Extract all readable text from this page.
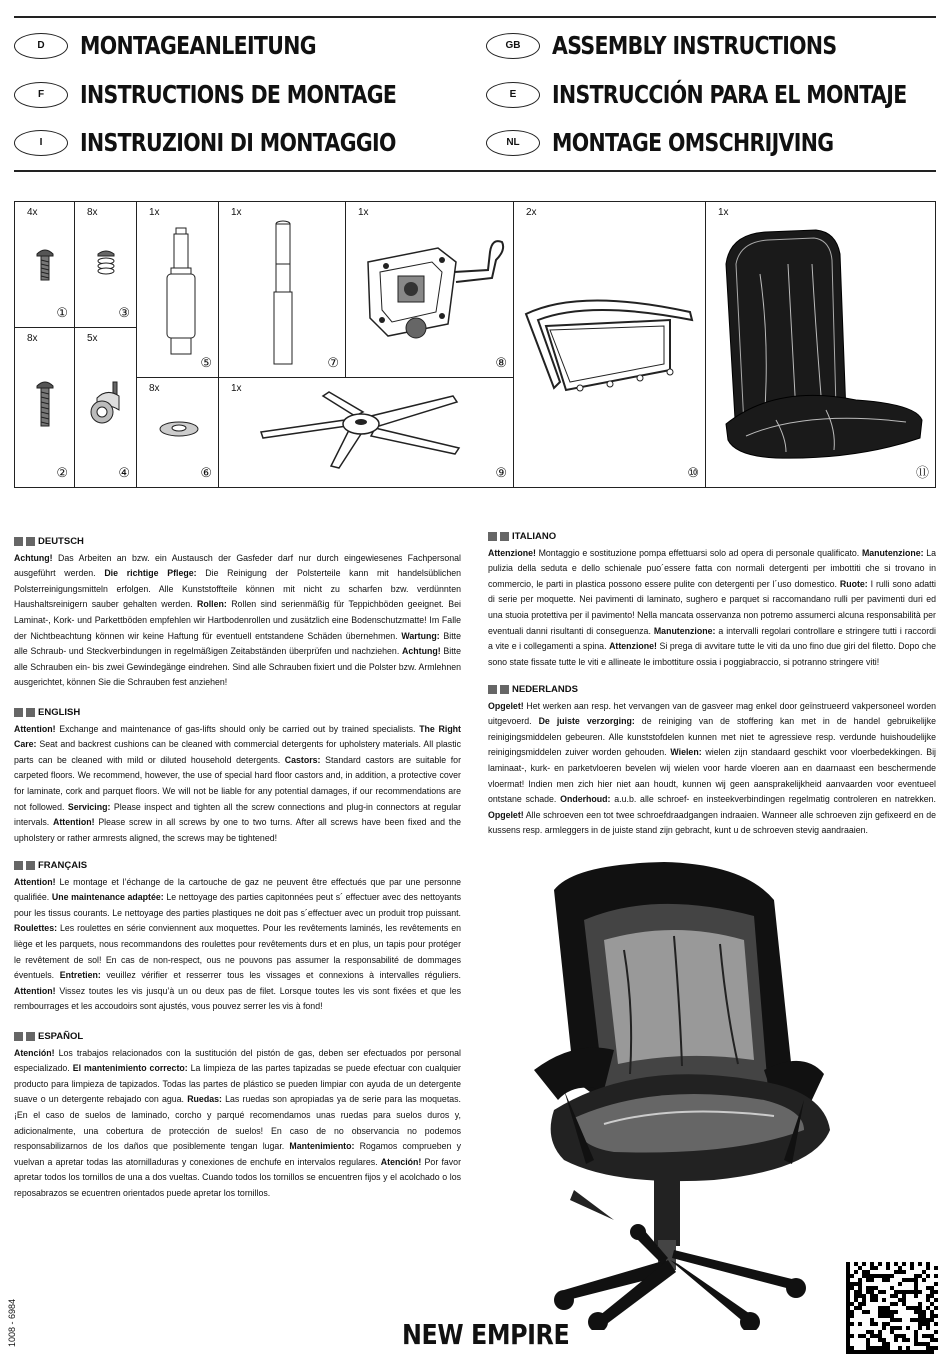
D	MONTAGEANLEITUNG
F	INSTRUCTIONS DE MONTAGE
I	INSTRUZIONI DI MONTAGGIO
GB	ASSEMBLY INSTRUCTIONS
E	INSTRUCCIÓN PARA EL MONTAJE
NL	MONTAGE OMSCHRIJVING
4x
①
8x
③
8x
②
5x
④
1x
⑤
8x
⑥
1x
⑦
1x
⑧
1x
⑨
2x
⑩
1x
⑪
DEUTSCH

Achtung! Das Arbeiten an bzw. ein Austausch der Gasfeder darf nur durch eingewiesenes Fachpersonal ausgeführt werden. Die richtige Pflege: Die Reinigung der Polsterteile kann mit handelsüblichen Polsterreinigungsmitteln erfolgen. Alle Kunststoffteile können mit nicht zu scharfen bzw. verdünnten Haushaltsreinigern sauber gehalten werden. Rollen: Rollen sind serienmäßig für Teppichböden geeignet. Bei Laminat-, Kork- und Parkettböden empfehlen wir Hartbodenrollen und zusätzlich eine Bodenschutzmatte! Im Falle der Nichtbeachtung können wir keine Haftung für eventuell entstandene Schäden übernehmen. Wartung: Bitte alle Schraub- und Steckverbindungen in regelmäßigen Zeitabständen überprüfen und nachziehen. Achtung! Bitte alle Schrauben ein- bis zwei Gewindegänge eindrehen. Sind alle Schrauben fixiert und die Polster bzw. Armlehnen ausgerichtet, können Sie die Schrauben fest anziehen!

ENGLISH

Attention! Exchange and maintenance of gas-lifts should only be carried out by trained specialists. The Right Care: Seat and backrest cushions can be cleaned with commercial detergents for upholstery materials. All plastic parts can be cleaned with mild or diluted household detergents. Castors: Standard castors are suitable for carpeted floors. We recommend, however, the use of special hard floor castors and, in addition, a protective cover for laminate, cork and parquet floors. We will not be liable for any potential damages, if our recommendations are not followed. Servicing: Please inspect and tighten all the screw connections and plug-in connectors at regular intervals. Attention! Please screw in all screws by one to two turns. After all screws have been fixed and the upholstery or rather armrests aligned, the screws may be tightened!

FRANÇAIS

Attention! Le montage et l’échange de la cartouche de gaz ne peuvent être effectués que par une personne qualifiée. Une maintenance adaptée: Le nettoyage des parties capitonnées peut s´ effectuer avec des nettoyants pour les tissus courants. Le nettoyage des parties plastiques ne doit pas s´effectuer avec un produit trop puissant. Roulettes: Les roulettes en série conviennent aux moquettes. Pour les revêtements laminés, les revêtements en liège et les parquets, nous recommandons des roulettes pour revêtements durs et en plus, un tapis pour protéger le revêtement de sol! En cas de non-respect, ous ne pouvons pas assumer la responsabilité de dommages éventuels. Entretien: veuillez vérifier et resserrer tous les vissages et connexions à intervalles réguliers. Attention! Vissez toutes les vis jusqu’à un ou deux pas de filet. Lorsque toutes les vis sont fixées et que les rembourrages et les accoudoirs sont ajustés, vous pouvez serrer les vis à fond!

ESPAÑOL

Atención! Los trabajos relacionados con la sustitución del pistón de gas, deben ser efectuados por personal especializado. El mantenimiento correcto: La limpieza de las partes tapizadas se puede efectuar con cualquier producto para limpieza de tapizados. Todas las partes de plástico se pueden limpiar con ayuda de un detergente suave o un detergente rebajado con agua. Ruedas: Las ruedas son apropiadas ya de serie para las moquetas. ¡En el caso de suelos de laminado, corcho y parqué recomendamos unas ruedas para suelos duros y, adicionalmente, una cobertura de protección de suelos! En caso de no observancia no podemos responsabilizarnos de los daños que posiblemente tengan lugar. Mantenimiento: Rogamos comprueben y vuelvan a apretar todas las atornilladuras y conexiones de enchufe en intervalos regulares. Atención! Por favor apretar todos los tornillos de una a dos vueltas. Cuando todos los tornillos se encuentren fijos y el acolchado o los reposabrazos se ecuentren orientados puede apretar los tornillos.

ITALIANO

Attenzione! Montaggio e sostituzione pompa effettuarsi solo ad opera di personale qualificato. Manutenzione: La pulizia della seduta e dello schienale puo´essere fatta con normali detergenti per imbottiti che si trovano in commercio, le parti in plastica possono essere pulite con detergenti per l´uso domestico. Ruote: I rulli sono adatti di serie per moquette. Nei pavimenti di laminato, sughero e parquet si raccomandano rulli per pavimenti duri ed una stuoia protettiva per il pavimento! Nella mancata osservanza non potremo assumerci alcuna responsabilità per eventuali danni risultanti di conseguenza. Manutenzione: a intervalli regolari controllare e stringere tutti i raccordi a vite e i collegamenti a spina. Attenzione! Si prega di avvitare tutte le viti da uno fino due giri del filetto. Dopo che sono state fissate tutte le viti e allineate le imbottiture ossia i poggiabraccio, si potranno stringere viti!

NEDERLANDS

Opgelet! Het werken aan resp. het vervangen van de gasveer mag enkel door geïnstrueerd vakpersoneel worden uitgevoerd. De juiste verzorging: de reiniging van de stoffering kan met in de handel gebruikelijke reinigingsmiddelen gebeuren. Alle kunststofdelen kunnen met niet te agressieve resp. verdunde huishoudelijke reinigingsmiddelen zuiver worden gehouden. Wielen: wielen zijn standaard geschikt voor vloerbedekkingen. Bij laminaat-, kurk- en parketvloeren bevelen wij wielen voor harde vloeren aan en daarnaast een beschermende vloermat! Indien men zich hier niet aan houdt, kunnen wij geen aansprakelijkheid aanvaarden voor eventueel ontstane schade. Onderhoud: a.u.b. alle schroef- en insteekverbindingen regelmatig controleren en natrekken. Opgelet! Alle schroeven een tot twee schroefdraadgangen indraaien. Wanneer alle schroeven zijn gefixeerd en de kussens resp. armleggers in de juiste stand zijn gebracht, kunt u de schroeven stevig aandraaien.

NEW EMPIRE
1008 - 6984
